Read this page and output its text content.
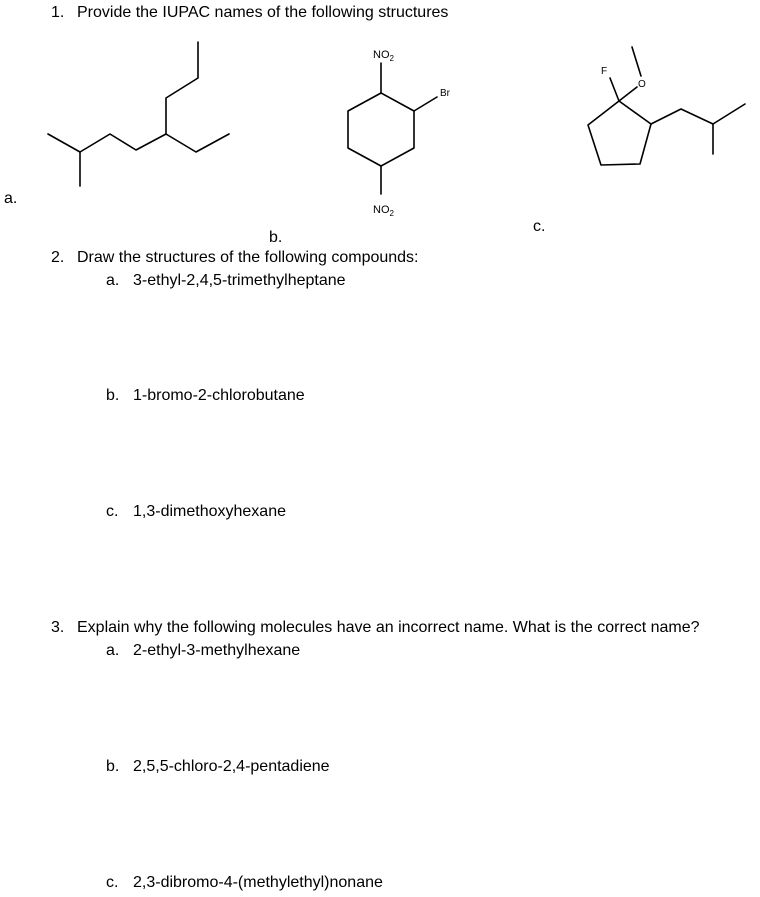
1. Provide the IUPAC names of the following structures
$NO_2$
$NO_2$
Br
F
O
a.
b.
c.
2. Draw the structures of the following compounds:
a. 3-ethyl-2,4,5-trimethylheptane
b. 1-bromo-2-chlorobutane
c. 1,3-dimethoxyhexane
3. Explain why the following molecules have an incorrect name. What is the correct name?
a. 2-ethyl-3-methylhexane
b. 2,5,5-chloro-2,4-pentadiene
c. 2,3-dibromo-4-(methylethyl)nonane
